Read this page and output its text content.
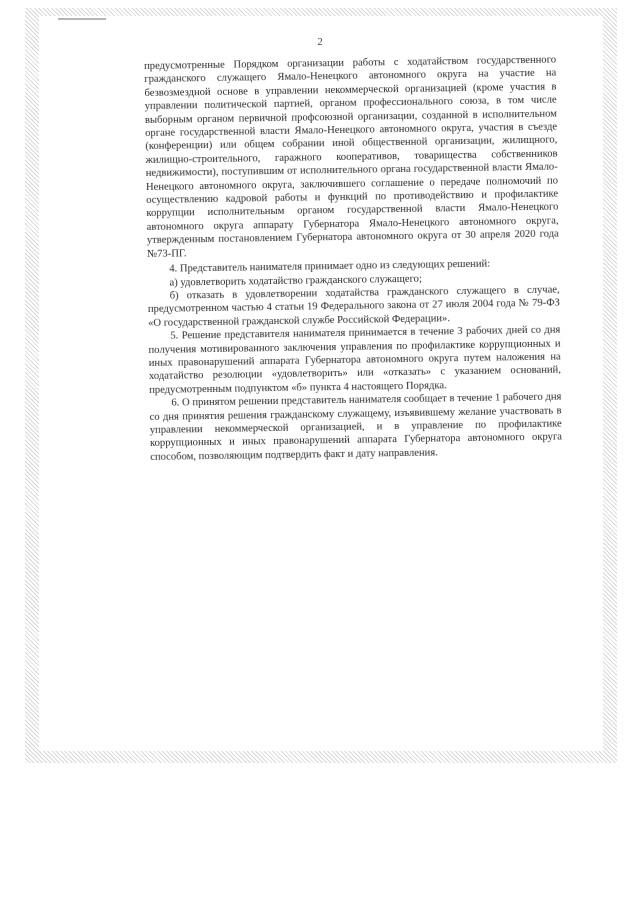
2

предусмотренные Порядком организации работы с ходатайством государственного гражданского служащего Ямало-Ненецкого автономного округа на участие на безвозмездной основе в управлении некоммерческой организацией (кроме участия в управлении политической партией, органом профессионального союза, в том числе выборным органом первичной профсоюзной организации, созданной в исполнительном органе государственной власти Ямало-Ненецкого автономного округа, участия в съезде (конференции) или общем собрании иной общественной организации, жилищного, жилищно-строительного, гаражного кооперативов, товарищества собственников недвижимости), поступившим от исполнительного органа государственной власти Ямало-Ненецкого автономного округа, заключившего соглашение о передаче полномочий по осуществлению кадровой работы и функций по противодействию и профилактике коррупции исполнительным органом государственной власти Ямало-Ненецкого автономного округа аппарату Губернатора Ямало-Ненецкого автономного округа, утвержденным постановлением Губернатора автономного округа от 30 апреля 2020 года №73-ПГ.

4. Представитель нанимателя принимает одно из следующих решений:

а) удовлетворить ходатайство гражданского служащего;

б) отказать в удовлетворении ходатайства гражданского служащего в случае, предусмотренном частью 4 статьи 19 Федерального закона от 27 июля 2004 года № 79-ФЗ «О государственной гражданской службе Российской Федерации».

5. Решение представителя нанимателя принимается в течение 3 рабочих дней со дня получения мотивированного заключения управления по профилактике коррупционных и иных правонарушений аппарата Губернатора автономного округа путем наложения на ходатайство резолюции «удовлетворить» или «отказать» с указанием оснований, предусмотренным подпунктом «б» пункта 4 настоящего Порядка.

6. О принятом решении представитель нанимателя сообщает в течение 1 рабочего дня со дня принятия решения гражданскому служащему, изъявившему желание участвовать в управлении некоммерческой организацией, и в управление по профилактике коррупционных и иных правонарушений аппарата Губернатора автономного округа способом, позволяющим подтвердить факт и дату направления.
